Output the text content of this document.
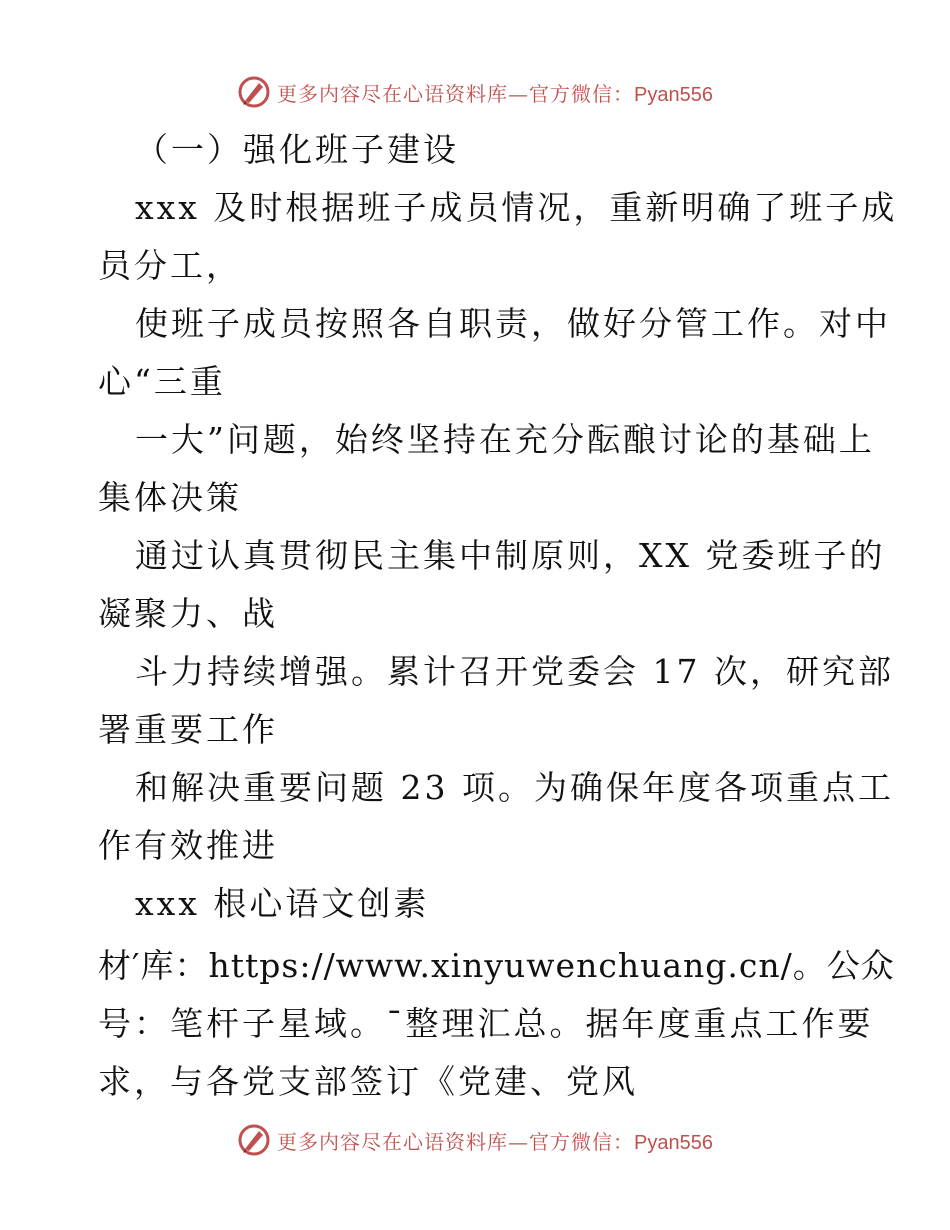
更多内容尽在心语资料库—官方微信：Pyan556
（一）强化班子建设
xxx 及时根据班子成员情况，重新明确了班子成
员分工，
使班子成员按照各自职责，做好分管工作。对中
心“三重
一大”问题，始终坚持在充分酝酿讨论的基础上
集体决策
通过认真贯彻民主集中制原则，XX 党委班子的
凝聚力、战
斗力持续增强。累计召开党委会 17 次，研究部
署重要工作
和解决重要问题 23 项。为确保年度各项重点工
作有效推进
xxx 根心语文创素
材′库：https://www.xinyuwenchuang.cn/。公众
号：笔杆子星域。¯整理汇总。据年度重点工作要
求，与各党支部签订《党建、党风
更多内容尽在心语资料库—官方微信：Pyan556
